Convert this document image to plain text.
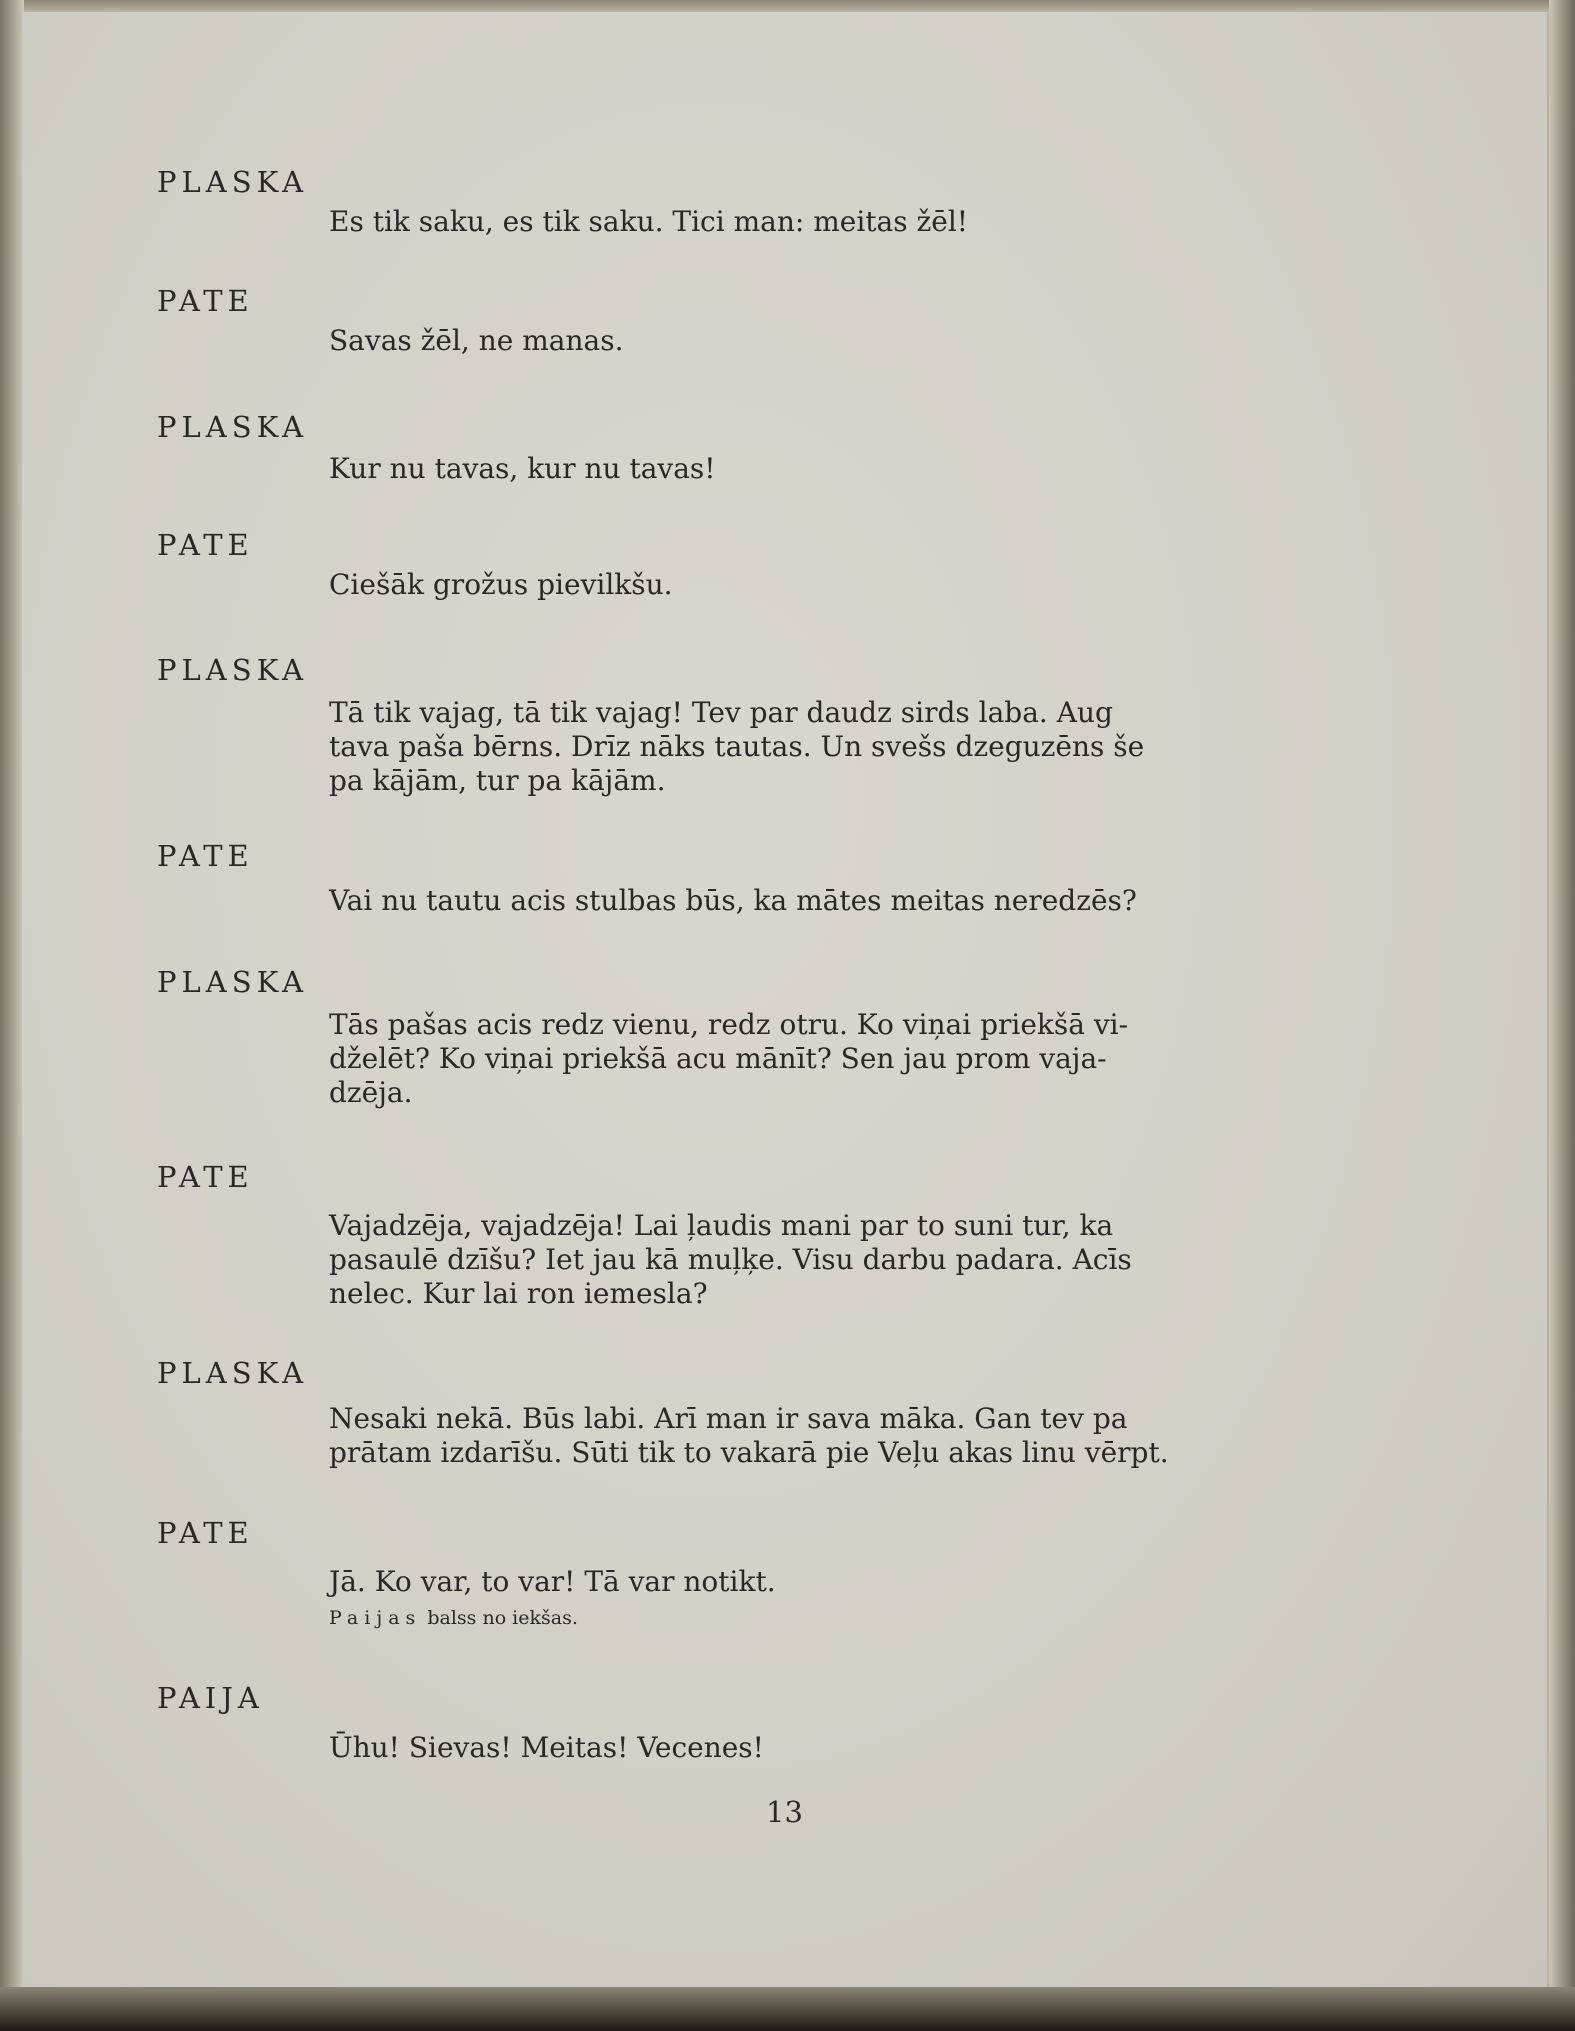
PLASKA
Es tik saku, es tik saku. Tici man: meitas žēl!
PATE
Savas žēl, ne manas.
PLASKA
Kur nu tavas, kur nu tavas!
PATE
Ciešāk grožus pievilkšu.
PLASKA
Tā tik vajag, tā tik vajag! Tev par daudz sirds laba. Aug
tava paša bērns. Drīz nāks tautas. Un svešs dzeguzēns še
pa kājām, tur pa kājām.
PATE
Vai nu tautu acis stulbas būs, ka mātes meitas neredzēs?
PLASKA
Tās pašas acis redz vienu, redz otru. Ko viņai priekšā vi-
dželēt? Ko viņai priekšā acu mānīt? Sen jau prom vaja-
dzēja.
PATE
Vajadzēja, vajadzēja! Lai ļaudis mani par to suni tur, ka
pasaulē dzīšu? Iet jau kā muļķe. Visu darbu padara. Acīs
nelec. Kur lai ron iemesla?
PLASKA
Nesaki nekā. Būs labi. Arī man ir sava māka. Gan tev pa
prātam izdarīšu. Sūti tik to vakarā pie Veļu akas linu vērpt.
PATE
Jā. Ko var, to var! Tā var notikt.
Paijas balss no iekšas.
PAIJA
Ūhu! Sievas! Meitas! Vecenes!
13
